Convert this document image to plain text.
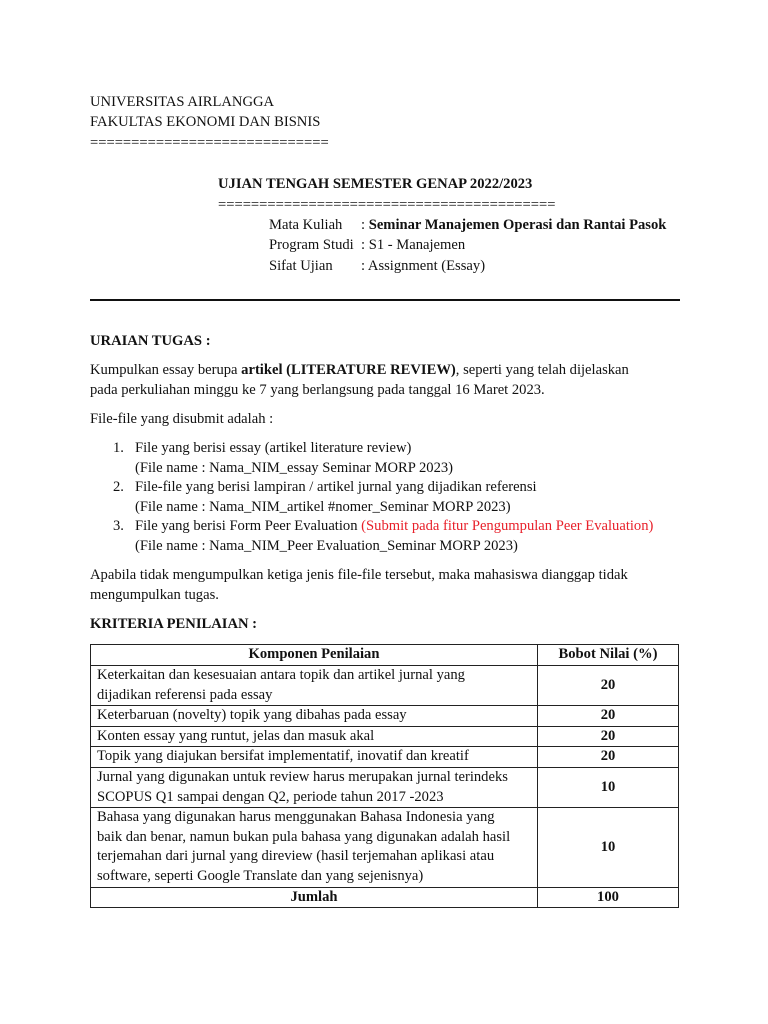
UNIVERSITAS AIRLANGGA
FAKULTAS EKONOMI DAN BISNIS
=============================
UJIAN TENGAH SEMESTER GENAP 2022/2023
=========================================
Mata Kuliah : Seminar Manajemen Operasi dan Rantai Pasok
Program Studi : S1 - Manajemen
Sifat Ujian : Assignment (Essay)
URAIAN TUGAS :
Kumpulkan essay berupa artikel (LITERATURE REVIEW), seperti yang telah dijelaskan
pada perkuliahan minggu ke 7 yang berlangsung pada tanggal 16 Maret 2023.
File-file yang disubmit adalah :
1. File yang berisi essay (artikel literature review)
(File name : Nama_NIM_essay Seminar MORP 2023)
2. File-file yang berisi lampiran / artikel jurnal yang dijadikan referensi
(File name : Nama_NIM_artikel #nomer_Seminar MORP 2023)
3. File yang berisi Form Peer Evaluation (Submit pada fitur Pengumpulan Peer Evaluation)
(File name : Nama_NIM_Peer Evaluation_Seminar MORP 2023)
Apabila tidak mengumpulkan ketiga jenis file-file tersebut, maka mahasiswa dianggap tidak
mengumpulkan tugas.
KRITERIA PENILAIAN :
Komponen Penilaian	Bobot Nilai (%)
Keterkaitan dan kesesuaian antara topik dan artikel jurnal yang
dijadikan referensi pada essay	20
Keterbaruan (novelty) topik yang dibahas pada essay	20
Konten essay yang runtut, jelas dan masuk akal	20
Topik yang diajukan bersifat implementatif, inovatif dan kreatif	20
Jurnal yang digunakan untuk review harus merupakan jurnal terindeks
SCOPUS Q1 sampai dengan Q2, periode tahun 2017 -2023	10
Bahasa yang digunakan harus menggunakan Bahasa Indonesia yang
baik dan benar, namun bukan pula bahasa yang digunakan adalah hasil
terjemahan dari jurnal yang direview (hasil terjemahan aplikasi atau
software, seperti Google Translate dan yang sejenisnya)	10
Jumlah	100
